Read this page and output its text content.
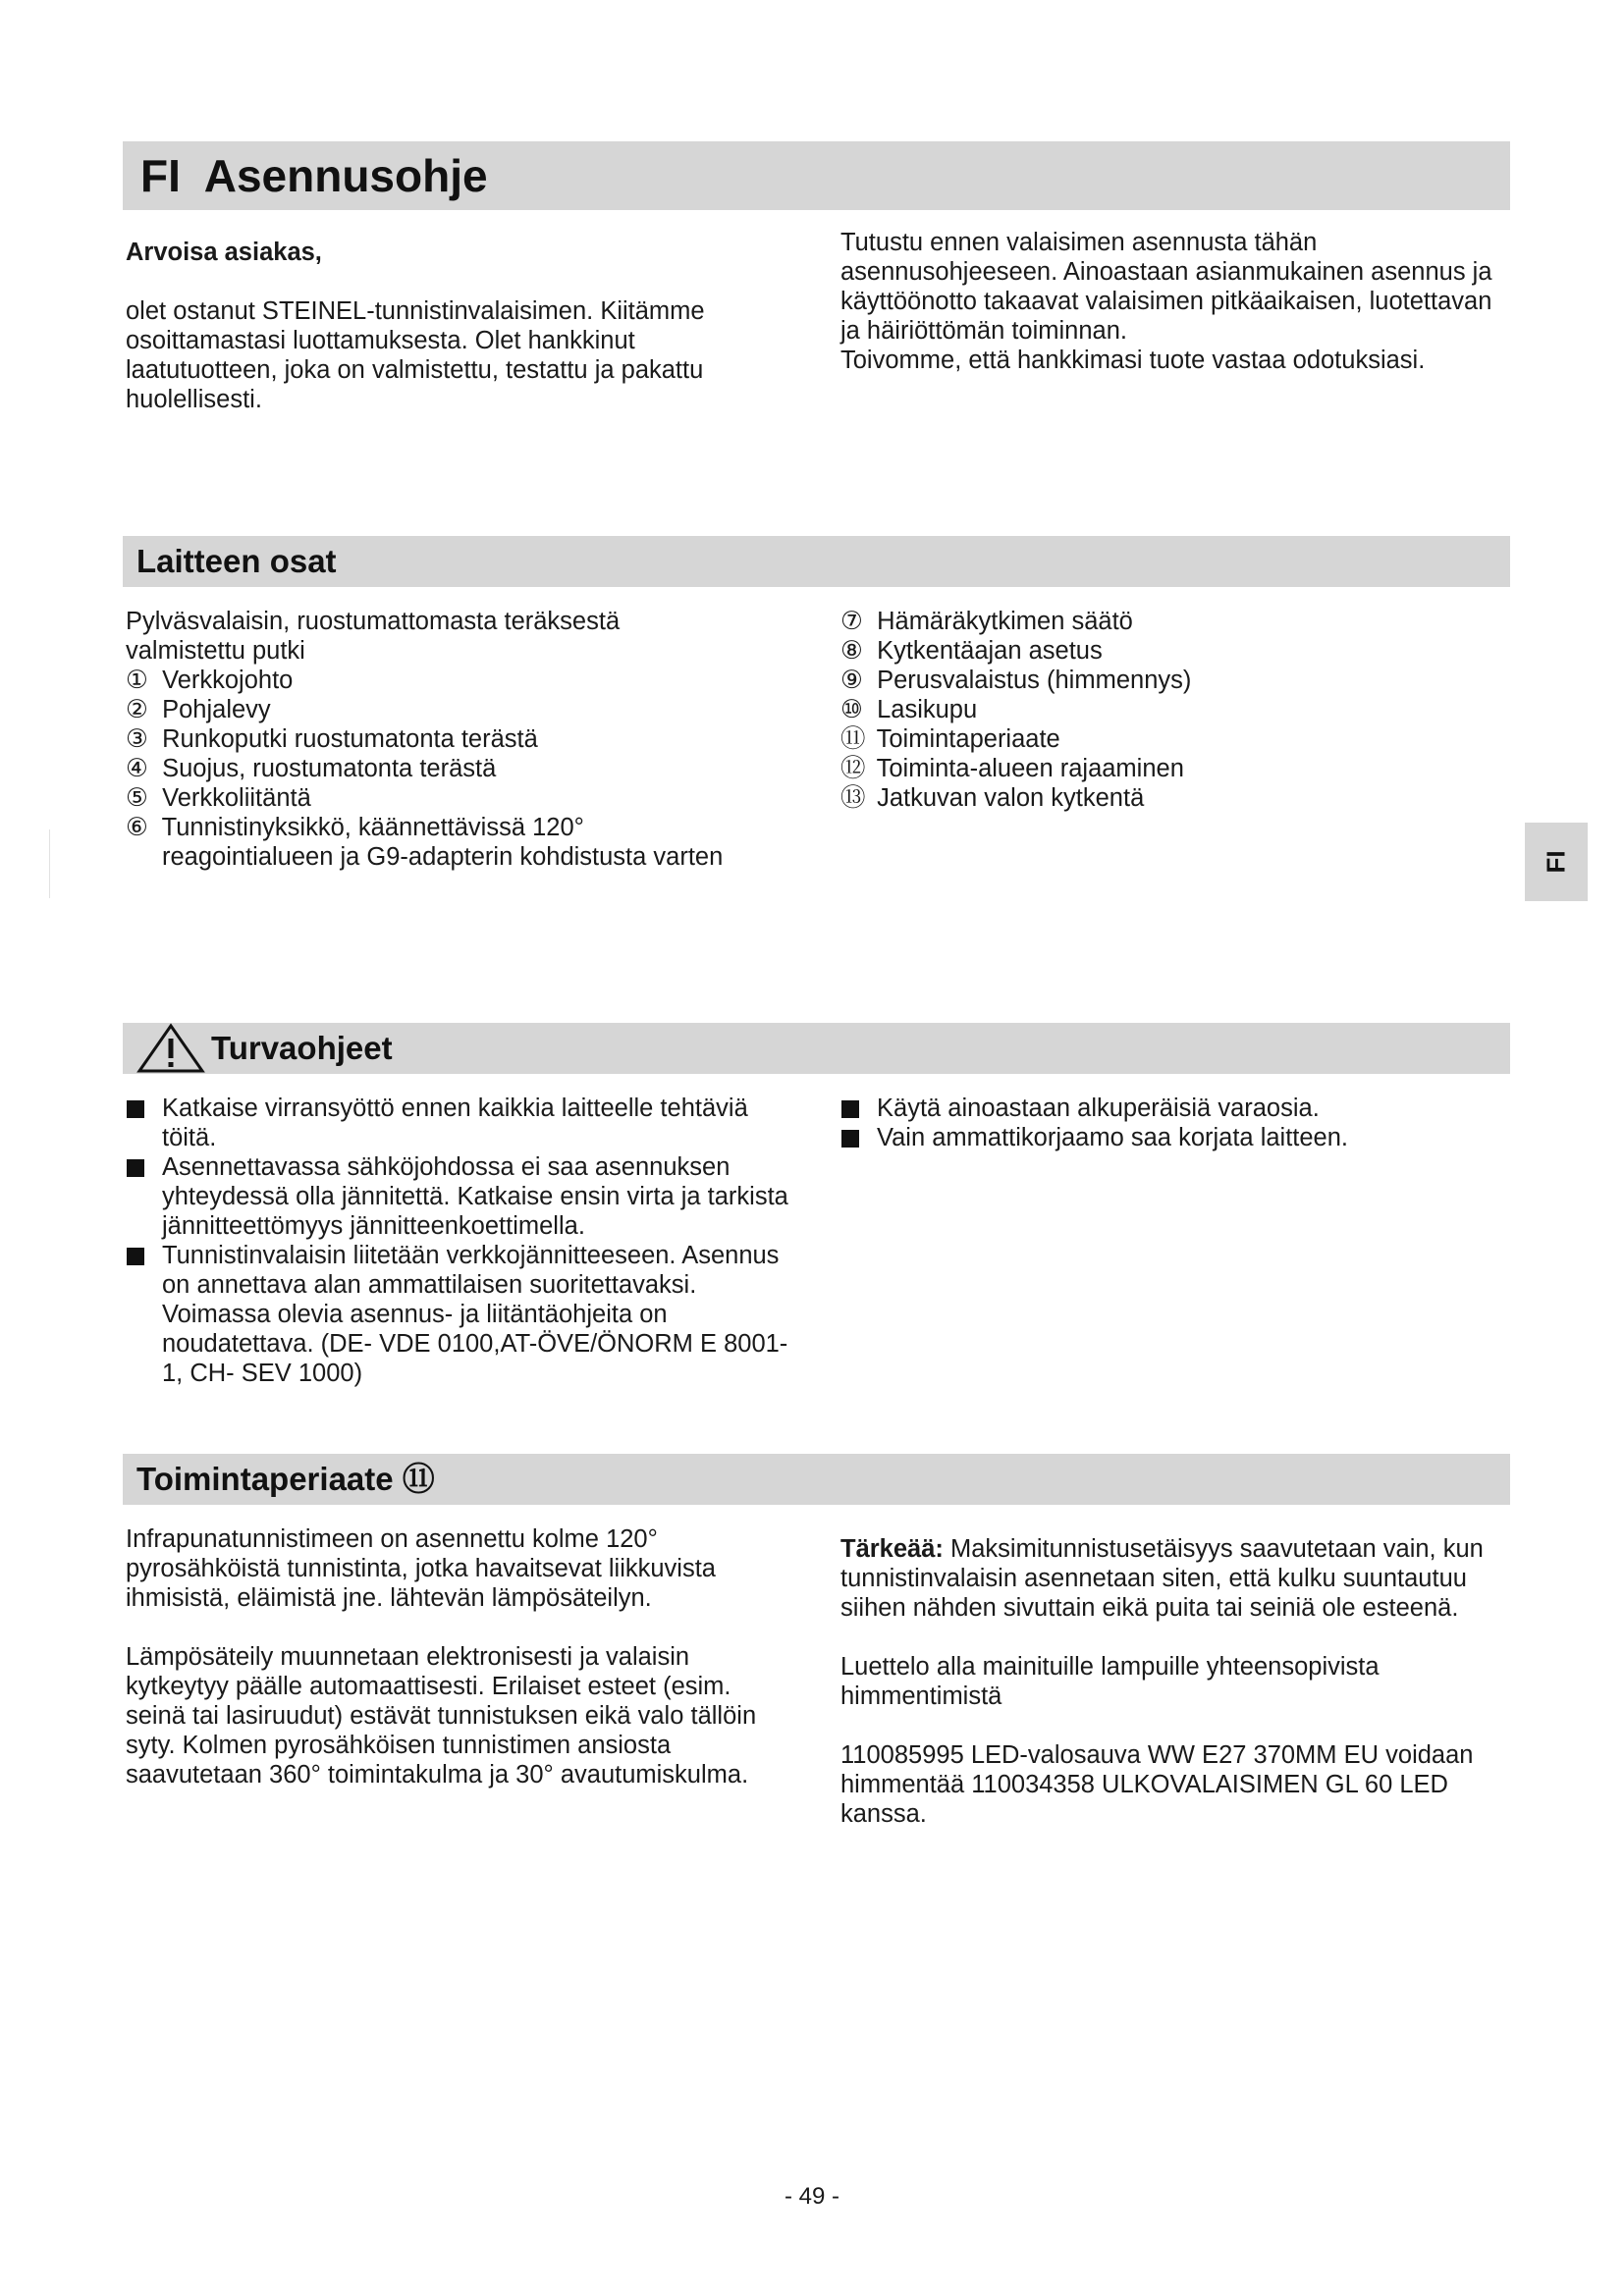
FI  Asennusohje

Arvoisa asiakas,

olet ostanut STEINEL-tunnistinvalaisimen. Kiitämme osoittamastasi luottamuksesta. Olet hankkinut laatutuotteen, joka on valmistettu, testattu ja pakattu huolellisesti.

Tutustu ennen valaisimen asennusta tähän asennusohjeeseen. Ainoastaan asianmukainen asennus ja käyttöönotto takaavat valaisimen pitkäaikaisen, luotettavan ja häiriöttömän toiminnan.

Toivomme, että hankkimasi tuote vastaa odotuksiasi.

Laitteen osat

Pylväsvalaisin, ruostumattomasta teräksestä valmistettu putki

① Verkkojohto
② Pohjalevy
③ Runkoputki ruostumatonta terästä
④ Suojus, ruostumatonta terästä
⑤ Verkkoliitäntä
⑥ Tunnistinyksikkö, käännettävissä 120°
reagointialueen ja G9-adapterin kohdistusta varten
⑦ Hämäräkytkimen säätö
⑧ Kytkentäajan asetus
⑨ Perusvalaistus (himmennys)
⑩ Lasikupu
⑪ Toimintaperiaate
⑫ Toiminta-alueen rajaaminen
⑬ Jatkuvan valon kytkentä
FI
Turvaohjeet
Katkaise virransyöttö ennen kaikkia laitteelle tehtäviä töitä.
Asennettavassa sähköjohdossa ei saa asennuksen yhteydessä olla jännitettä. Katkaise ensin virta ja tarkista jännitteettömyys jännitteenkoettimella.
Tunnistinvalaisin liitetään verkkojännitteeseen. Asennus on annettava alan ammattilaisen suoritettavaksi. Voimassa olevia asennus- ja liitäntäohjeita on noudatettava. (DE- VDE 0100,AT-ÖVE/ÖNORM E 8001-1, CH- SEV 1000)
Käytä ainoastaan alkuperäisiä varaosia.
Vain ammattikorjaamo saa korjata laitteen.
Toimintaperiaate ⑪

Infrapunatunnistimeen on asennettu kolme 120° pyrosähköistä tunnistinta, jotka havaitsevat liikkuvista ihmisistä, eläimistä jne. lähtevän lämpösäteilyn.

Lämpösäteily muunnetaan elektronisesti ja valaisin kytkeytyy päälle automaattisesti. Erilaiset esteet (esim. seinä tai lasiruudut) estävät tunnistuksen eikä valo tällöin syty. Kolmen pyrosähköisen tunnistimen ansiosta saavutetaan 360° toimintakulma ja 30° avautumiskulma.

Tärkeää: Maksimitunnistusetäisyys saavutetaan vain, kun tunnistinvalaisin asennetaan siten, että kulku suuntautuu siihen nähden sivuttain eikä puita tai seiniä ole esteenä.

Luettelo alla mainituille lampuille yhteensopivista himmentimistä

110085995 LED-valosauva WW E27 370MM EU voidaan himmentää 110034358 ULKOVALAISIMEN GL 60 LED kanssa.

- 49 -
